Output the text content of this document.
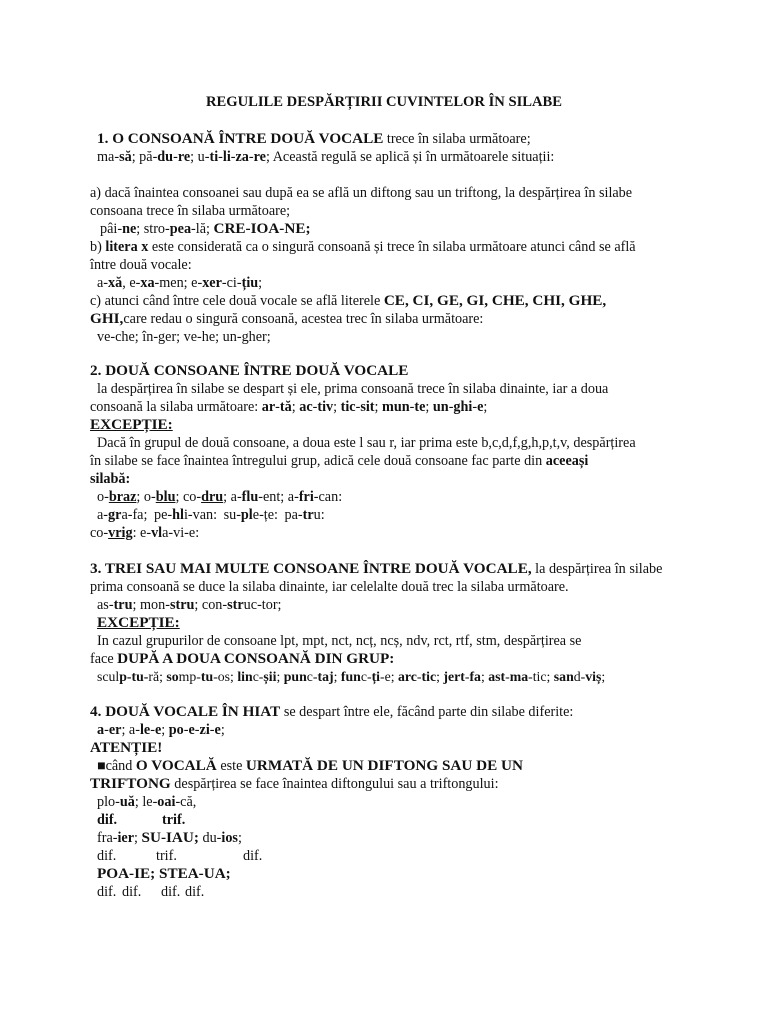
REGULILE DESPĂRȚIRII CUVINTELOR ÎN SILABE
1. O CONSOANĂ ÎNTRE DOUĂ VOCALE trece în silaba următoare;
ma-să; pă-du-re; u-ti-li-za-re; Această regulă se aplică și în următoarele situații:
a) dacă înaintea consoanei sau după ea se află un diftong sau un triftong, la despărțirea în silabe
consoana trece în silaba următoare;
pâi-ne; stro-pea-lă; CRE-IOA-NE;
b) litera x este considerată ca o singură consoană și trece în silaba următoare atunci când se află
între două vocale:
a-xă, e-xa-men; e-xer-ci-țiu;
c) atunci când între cele două vocale se află literele CE, CI, GE, GI, CHE, CHI, GHE,
GHI,care redau o singură consoană, acestea trec în silaba următoare:
ve-che; în-ger; ve-he; un-gher;
2. DOUĂ CONSOANE ÎNTRE DOUĂ VOCALE
la despărțirea în silabe se despart și ele, prima consoană trece în silaba dinainte, iar a doua
consoană la silaba următoare: ar-tă; ac-tiv; tic-sit; mun-te; un-ghi-e;
EXCEPȚIE:
Dacă în grupul de două consoane, a doua este l sau r, iar prima este b,c,d,f,g,h,p,t,v, despărțirea
în silabe se face înaintea întregului grup, adică cele două consoane fac parte din aceeași
silabă:
o-braz; o-blu; co-dru; a-flu-ent; a-fri-can:
a-gra-fa; pe-hli-van: su-ple-țe: pa-tru:
co-vrig: e-vla-vi-e:
3. TREI SAU MAI MULTE CONSOANE ÎNTRE DOUĂ VOCALE, la despărțirea în silabe
prima consoană se duce la silaba dinainte, iar celelalte două trec la silaba următoare.
as-tru; mon-stru; con-struc-tor;
EXCEPȚIE:
In cazul grupurilor de consoane lpt, mpt, nct, ncț, ncș, ndv, rct, rtf, stm, despărțirea se
face DUPĂ A DOUA CONSOANĂ DIN GRUP:
sculp-tu-ră; somp-tu-os; linc-șii; punc-taj; func-ți-e; arc-tic; jert-fa; ast-ma-tic; sand-viș;
4. DOUĂ VOCALE ÎN HIAT se despart între ele, făcând parte din silabe diferite:
a-er; a-le-e; po-e-zi-e;
ATENȚIE!
■când O VOCALĂ este URMATĂ DE UN DIFTONG SAU DE UN
TRIFTONG despărțirea se face înaintea diftongului sau a triftongului:
plo-uă; le-oai-că,
dif.	trif.
fra-ier; SU-IAU; du-ios;
dif.	trif.	dif.
POA-IE; STEA-UA;
dif. dif. dif. dif.
